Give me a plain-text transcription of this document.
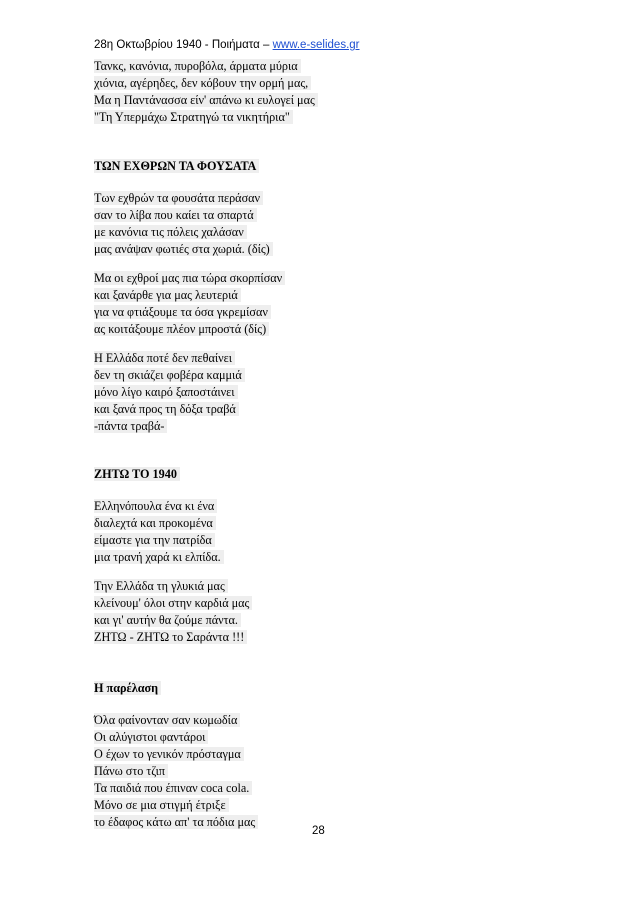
28η Οκτωβρίου 1940 - Ποιήματα – www.e-selides.gr
Τανκς, κανόνια, πυροβόλα, άρματα μύρια
χιόνια, αγέρηδες, δεν κόβουν την ορμή μας,
Μα η Παντάνασσα είν' απάνω κι ευλογεί μας
"Τη Υπερμάχω Στρατηγώ τα νικητήρια"
ΤΩΝ ΕΧΘΡΩΝ ΤΑ ΦΟΥΣΑΤΑ
Των εχθρών τα φουσάτα περάσαν
σαν το λίβα που καίει τα σπαρτά
με κανόνια τις πόλεις χαλάσαν
μας ανάψαν φωτιές στα χωριά. (δίς)
Μα οι εχθροί μας πια τώρα σκορπίσαν
και ξανάρθε για μας λευτεριά
για να φτιάξουμε τα όσα γκρεμίσαν
ας κοιτάξουμε πλέον μπροστά (δίς)
Η Ελλάδα ποτέ δεν πεθαίνει
δεν τη σκιάζει φοβέρα καμμιά
μόνο λίγο καιρό ξαποστάινει
και ξανά προς τη δόξα τραβά
-πάντα τραβά-
ΖΗΤΩ ΤΟ 1940
Ελληνόπουλα ένα κι ένα
διαλεχτά και προκομένα
είμαστε για την πατρίδα
μια τρανή χαρά κι ελπίδα.
Την Ελλάδα τη γλυκιά μας
κλείνουμ' όλοι στην καρδιά μας
και γι' αυτήν θα ζούμε πάντα.
ΖΗΤΩ - ΖΗΤΩ το Σαράντα !!!
Η παρέλαση
Όλα φαίνονταν σαν κωμωδία
Οι αλύγιστοι φαντάροι
Ο έχων το γενικόν πρόσταγμα
Πάνω στο τζιπ
Τα παιδιά που έπιναν coca cola.
Μόνο σε μια στιγμή έτριξε
το έδαφος κάτω απ' τα πόδια μας
28
